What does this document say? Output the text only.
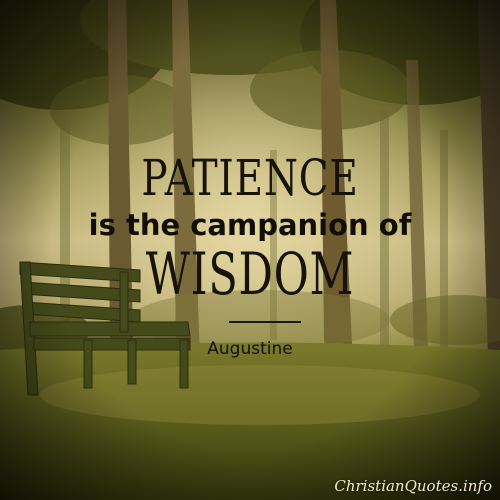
PATIENCE
is the campanion of
WISDOM
Augustine
ChristianQuotes.info
